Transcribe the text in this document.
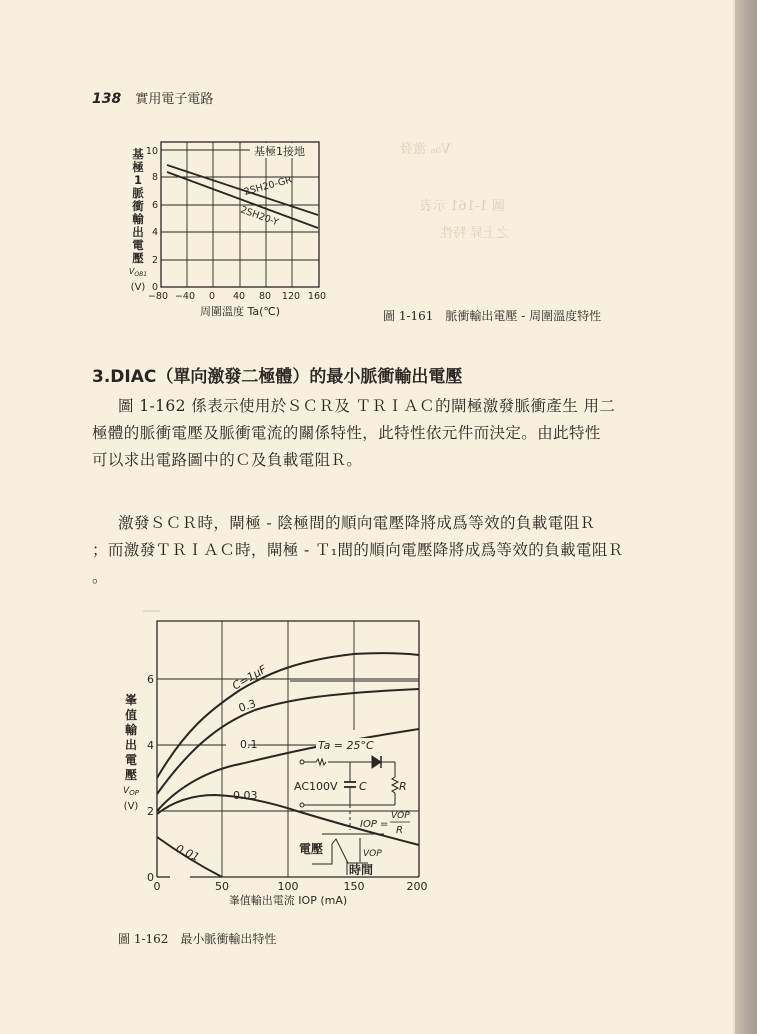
V₀ₙ 激發
圖 1-161 示表
之上昇 特性
138 實用電子電路
基極1接地
2SH20-GR
2SH20-Y
0
2
4
6
8
10
−80 −40 0 40 80 120 160
基
極
1
脈
衝
輸
出
電
壓
$V_{OB1}$
(V)
周圍溫度 Ta(℃)	圖 1-161　脈衝輸出電壓 - 周圍溫度特性
3.DIAC（單向激發二極體）的最小脈衝輸出電壓

圖 1-162 係表示使用於ＳＣＲ及 ＴＲＩＡＣ的閘極激發脈衝產生 用二

極體的脈衝電壓及脈衝電流的關係特性，此特性依元件而決定。由此特性

可以求出電路圖中的Ｃ及負載電阻Ｒ。

激發ＳＣＲ時，閘極 - 陰極間的順向電壓降將成爲等效的負載電阻Ｒ

；而激發ＴＲＩＡＣ時，閘極 - Ｔ₁間的順向電壓降將成爲等效的負載電阻Ｒ

。

C=1μF
0.3
0.1
0.03
0.01
Ta = 25°C
AC100V C	R
IOP =
VOP
R
電壓	VOP
時間
0
2
4
6
0	50	100	150	200
峯
值
輸
出
電
壓
$V_{OP}$
(V)
峯值輸出電流 IOP (mA)
圖 1-162　最小脈衝輸出特性
